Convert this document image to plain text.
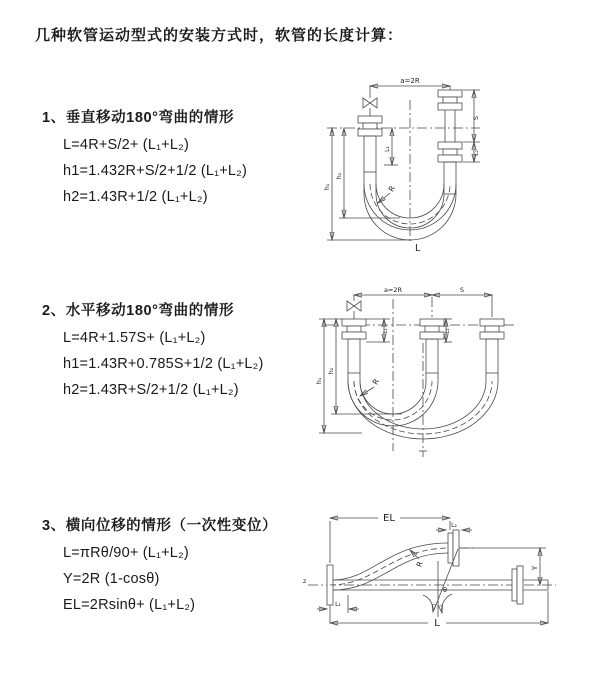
几种软管运动型式的安装方式时，软管的长度计算：
1、垂直移动180°弯曲的情形
L=4R+S/2+ (L₁+L₂)
h1=1.432R+S/2+1/2 (L₁+L₂)
h2=1.43R+1/2 (L₁+L₂)
2、水平移动180°弯曲的情形
L=4R+1.57S+ (L₁+L₂)
h1=1.43R+0.785S+1/2 (L₁+L₂)
h2=1.43R+S/2+1/2 (L₁+L₂)
3、横向位移的情形（一次性变位）
L=πRθ/90+ (L₁+L₂)
Y=2R (1-cosθ)
EL=2Rsinθ+ (L₁+L₂)
a=2R
h₁
h₂
L₁
S
L₂
R
L
a=2R	S
h₁
h₂
L₁	L₂
R
z
EL
L₂
Y
θ
R
L₁
L
